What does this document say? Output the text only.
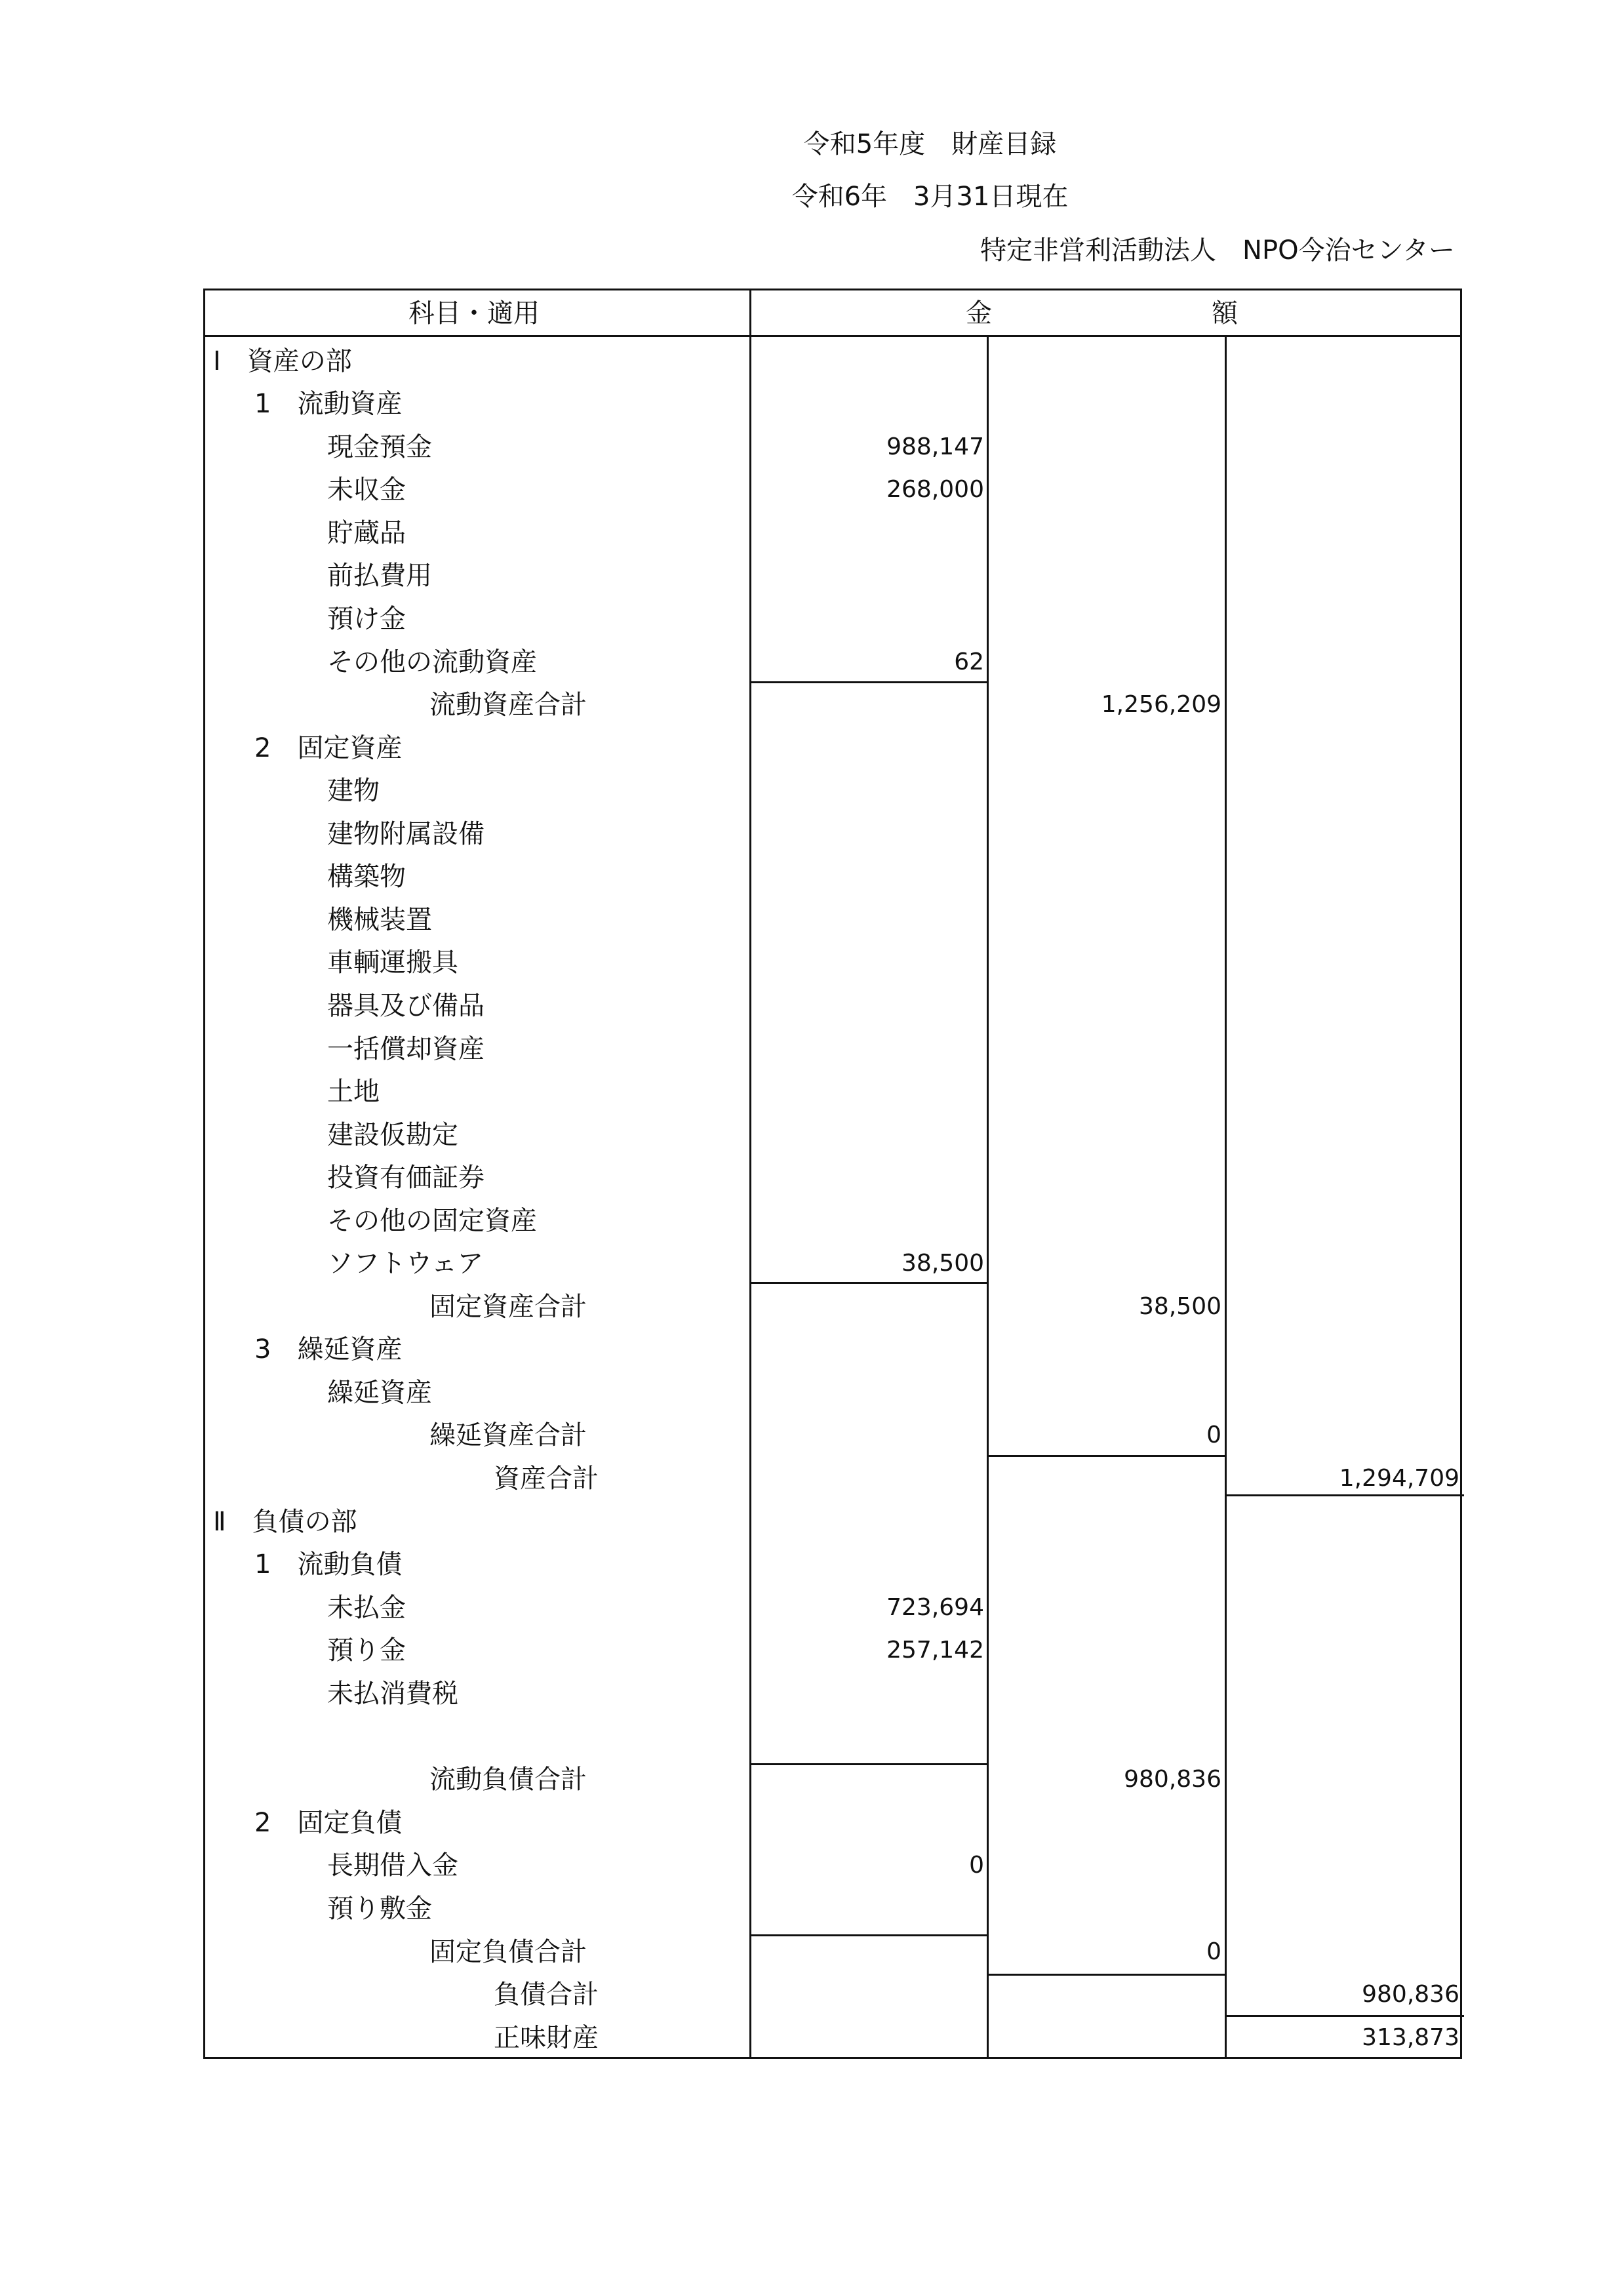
令和5年度　財産目録
令和6年　3月31日現在
特定非営利活動法人　NPO今治センター
科目・適用	金	額
Ⅰ　資産の部
1　流動資産
現金預金	988,147
未収金	268,000
貯蔵品
前払費用
預け金
その他の流動資産	62
流動資産合計	1,256,209
2　固定資産
建物
建物附属設備
構築物
機械装置
車輌運搬具
器具及び備品
一括償却資産
土地
建設仮勘定
投資有価証券
その他の固定資産
ソフトウェア	38,500
固定資産合計	38,500
3　繰延資産
繰延資産
繰延資産合計	0
資産合計	1,294,709
Ⅱ　負債の部
1　流動負債
未払金	723,694
預り金	257,142
未払消費税
流動負債合計	980,836
2　固定負債
長期借入金	0
預り敷金
固定負債合計	0
負債合計	980,836
正味財産	313,873
